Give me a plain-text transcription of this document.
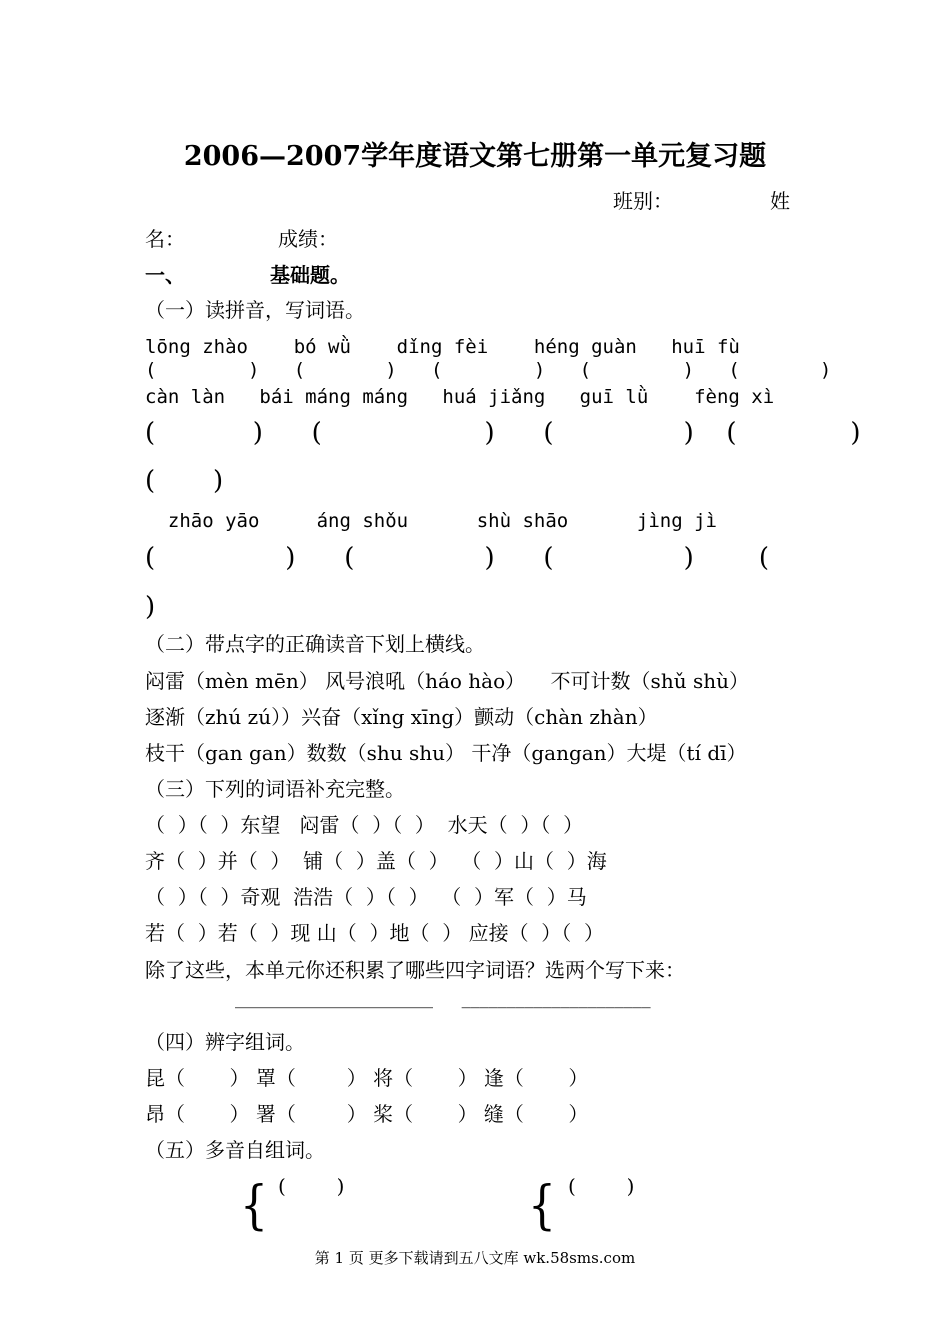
2006—2007学年度语文第七册第一单元复习题
班别：	姓
名：	成绩：
一、	基础题。
（一）读拼音，写词语。
lōng zhào    bó wǜ    dǐng fèi    héng guàn   huī fù
(        )   (       )   (        )   (        )   (       )
càn làn   bái máng máng   huá jiǎng   guī lǜ    fèng xì
(      )   (          )   (        )  (       )
(       )
zhāo yāo     áng shǒu      shù shāo      jìng jì
(        )   (        )   (        )    (
)
（二）带点字的正确读音下划上横线。
闷雷（mèn mēn） 风号浪吼（háo hào）    不可计数（shǔ shù）
逐渐（zhú zú））兴奋（xǐng xīng）颤动（chàn zhàn）
枝干（gan gan）数数（shu shu） 干净（gangan）大堤（tí dī）
（三）下列的词语补充完整。
（  ）（  ）东望   闷雷（  ）（  ）  水天（  ）（  ）
齐（  ）并（  ）  铺（  ）盖（  ）  （  ）山（  ）海
（  ）（  ）奇观  浩浩（  ）（  ）  （  ）军（  ）马
若（  ）若（  ）现 山（  ）地（  ） 应接（  ）（  ）
除了这些，本单元你还积累了哪些四字词语？选两个写下来：
______________________     _____________________
（四）辨字组词。
昆（       ） 罩（        ） 将（       ） 逢（       ）
昂（       ） 署（        ） 桨（       ） 缝（       ）
（五）多音自组词。
{ (        )	{ (        )
第 1 页 更多下载请到五八文库 wk.58sms.com
